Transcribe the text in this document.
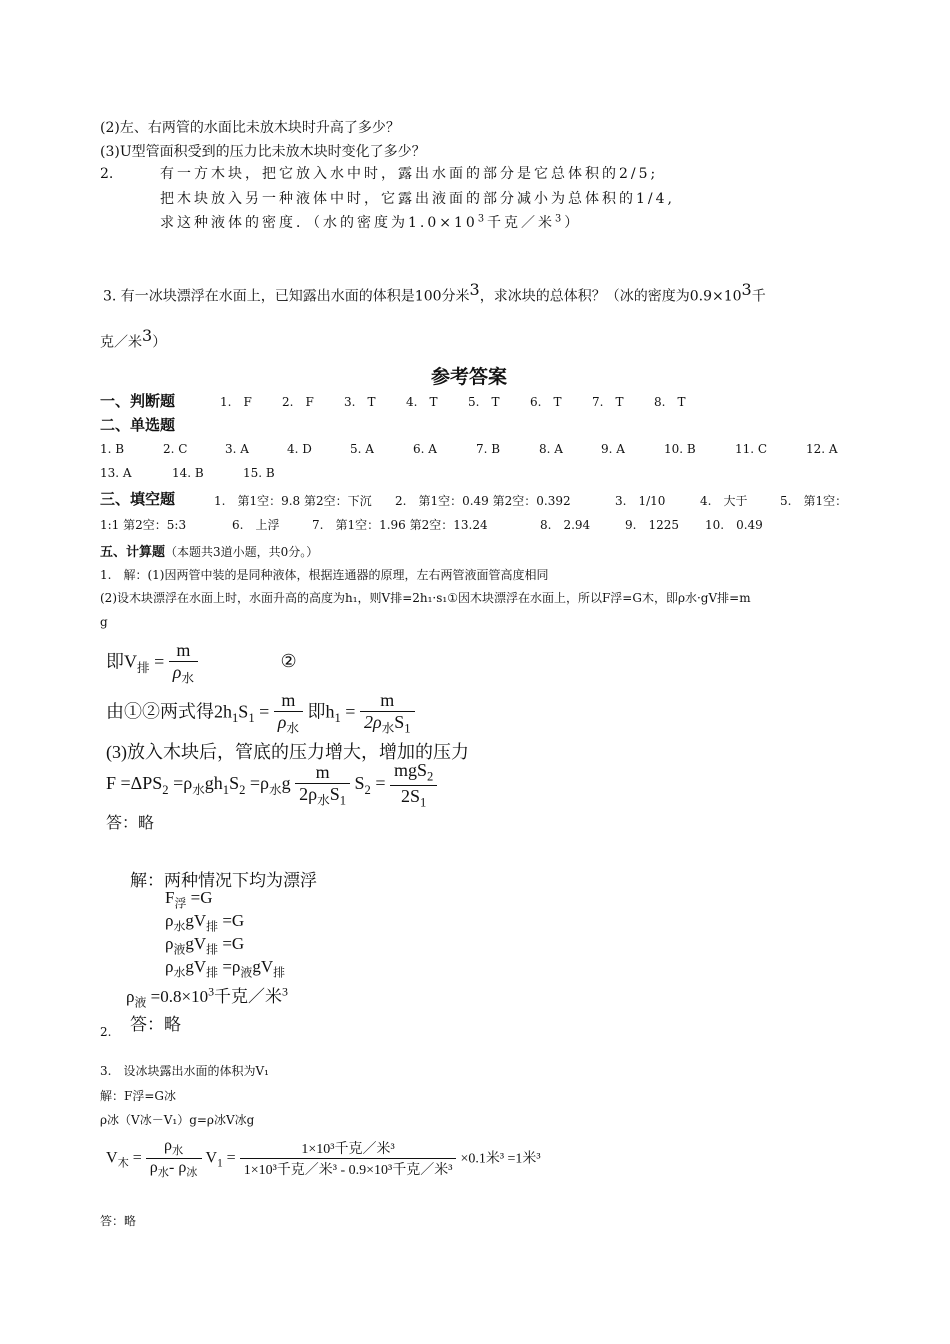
(2)左、右两管的水面比未放木块时升高了多少？
(3)U型管面积受到的压力比未放木块时变化了多少？
2.	有一方木块，把它放入水中时，露出水面的部分是它总体积的2/5;
把木块放入另一种液体中时，它露出液面的部分减小为总体积的1/4,
求这种液体的密度．（水的密度为$1.0\times 10^3$千克／米$^3$）
3. 有一冰块漂浮在水面上，已知露出水面的体积是100分米$^3$，求冰块的总体积？（冰的密度为$0.9\times 10^3$千
克／米$^3$）
参考答案
一、判断题	1.　F	2.　F	3.　T	4.　T	5.　T	6.　T	7.　T	8.　T
二、单选题
1. B	2. C	3. A	4. D	5. A	6. A	7. B	8. A	9. A	10. B	11. C	12. A
13. A	14. B	15. B
三、填空题	1.　第1空：9.8 第2空：下沉 2.　第1空：0.49 第2空：0.392	3.　1/10	4.　大于	5.　第1空：
1:1 第2空：5:3	6.　上浮	7.　第1空：1.96 第2空：13.24	8.　2.94	9.　1225 10.　0.49
五、计算题（本题共3道小题，共0分。）
1.　解：(1)因两管中装的是同种液体，根据连通器的原理，左右两管液面管高度相同
(2)设木块漂浮在水面上时，水面升高的高度为h₁，则V排=2h₁·s₁①因木块漂浮在水面上，所以F浮=G木，即ρ水·gV排=m
g
即$V_排 = \frac{m}{\rho_水}$	②
由①②两式得$2h_1S_1 = \frac{m}{\rho_水}$ 即$h_1 = \frac{m}{2\rho_水S_1}$
(3)放入木块后，管底的压力增大，增加的压力
$F =\Delta PS_2 =\rho_水gh_1S_2 =\rho_水g \frac{m}{2\rho_水S_1} S_2 = \frac{mgS_2}{2S_1}$
答：略
解：两种情况下均为漂浮
$F_浮 =G$
$\rho_水gV_排 =G$
$\rho_液gV_排 =G$
$\rho_水gV_排 =\rho_液gV_排$
$\rho_液 =0.8\times 10^3$千克／米$^3$
答：略
2.
3.　设冰块露出水面的体积为V₁
解：F浮=G冰
ρ冰（V冰－V₁）g=ρ冰V冰g
$V_木 = \frac{\rho_水}{\rho_水- \rho_冰} V_1 = \frac{\text{1×10³千克／米³}}{\text{1×10³千克／米³ - 0.9×10³千克／米³}} \times 0.1$米³ =1米³
答：略
